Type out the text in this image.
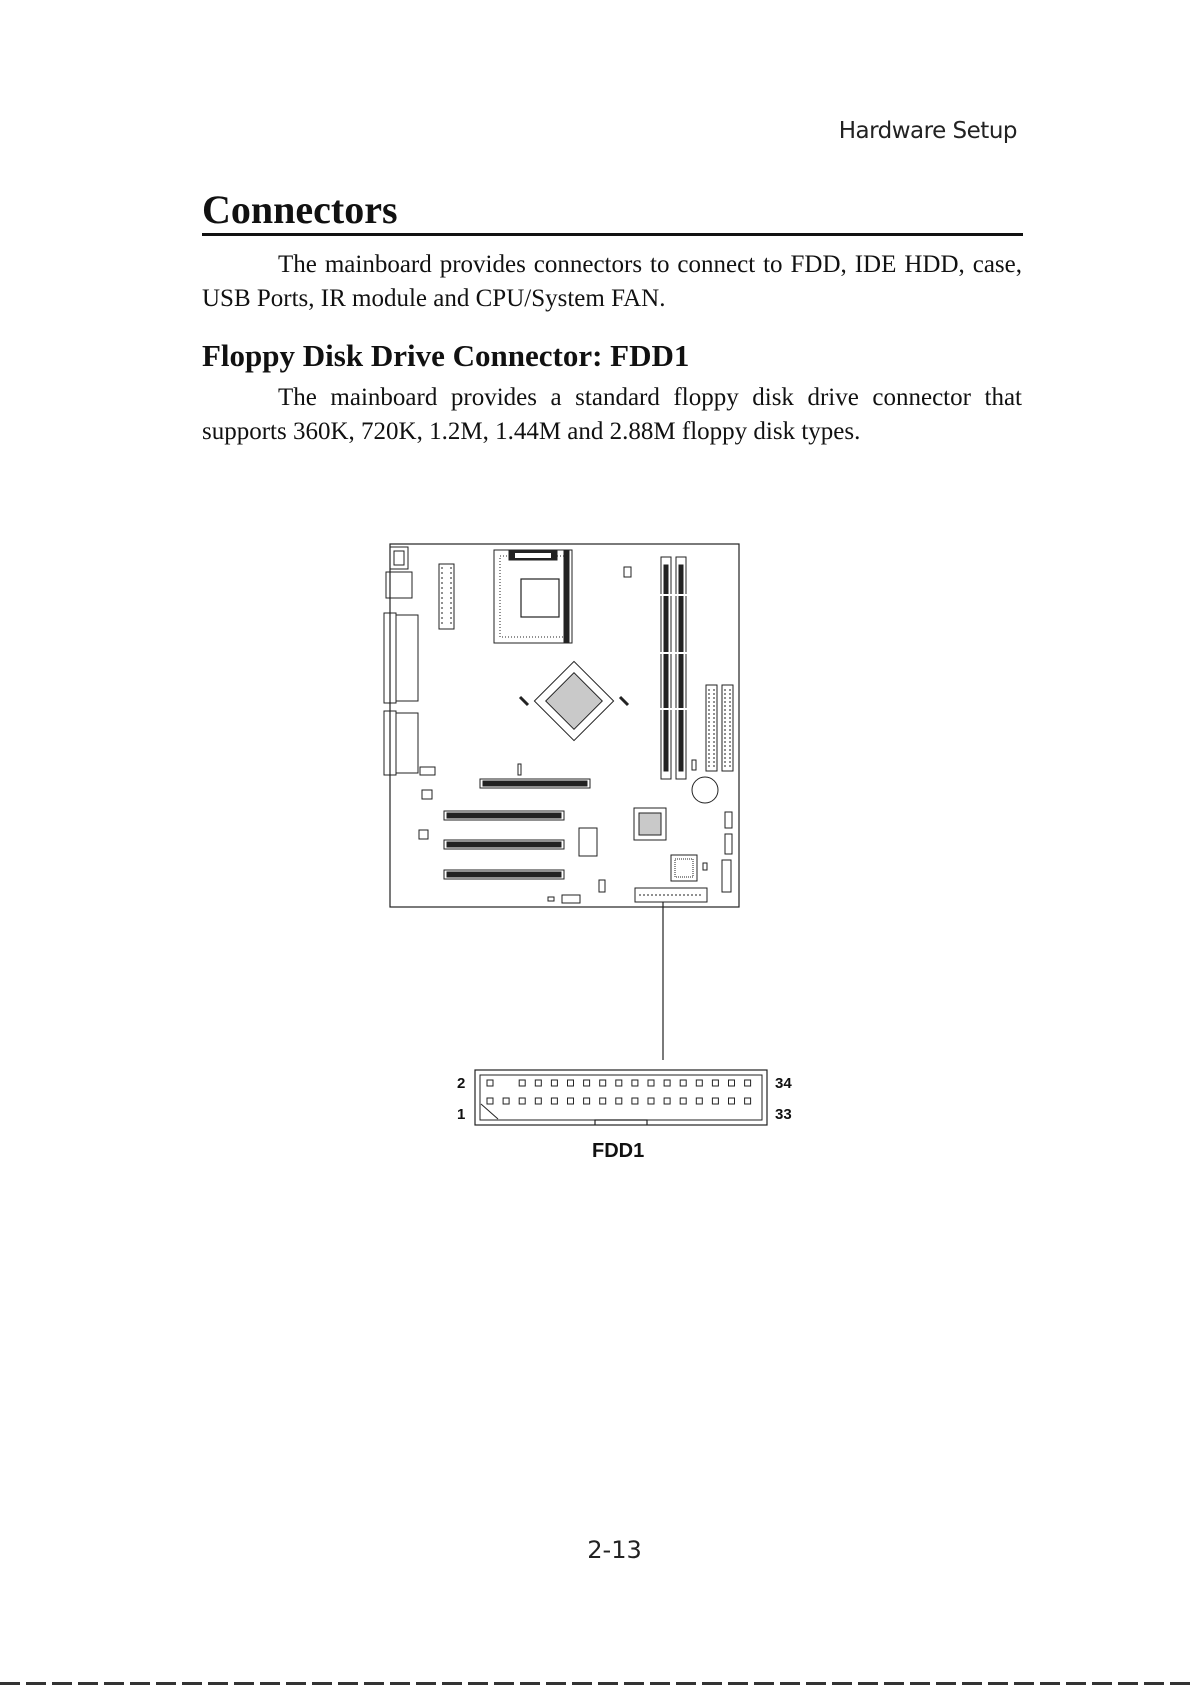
Hardware Setup
Connectors

The mainboard provides connectors to connect to FDD, IDE HDD, case, USB Ports, IR module and CPU/System FAN.

Floppy Disk Drive Connector: FDD1

The mainboard provides a standard floppy disk drive connector that supports 360K, 720K, 1.2M, 1.44M and 2.88M floppy disk types.

2
1
34
33
FDD1
2-13
